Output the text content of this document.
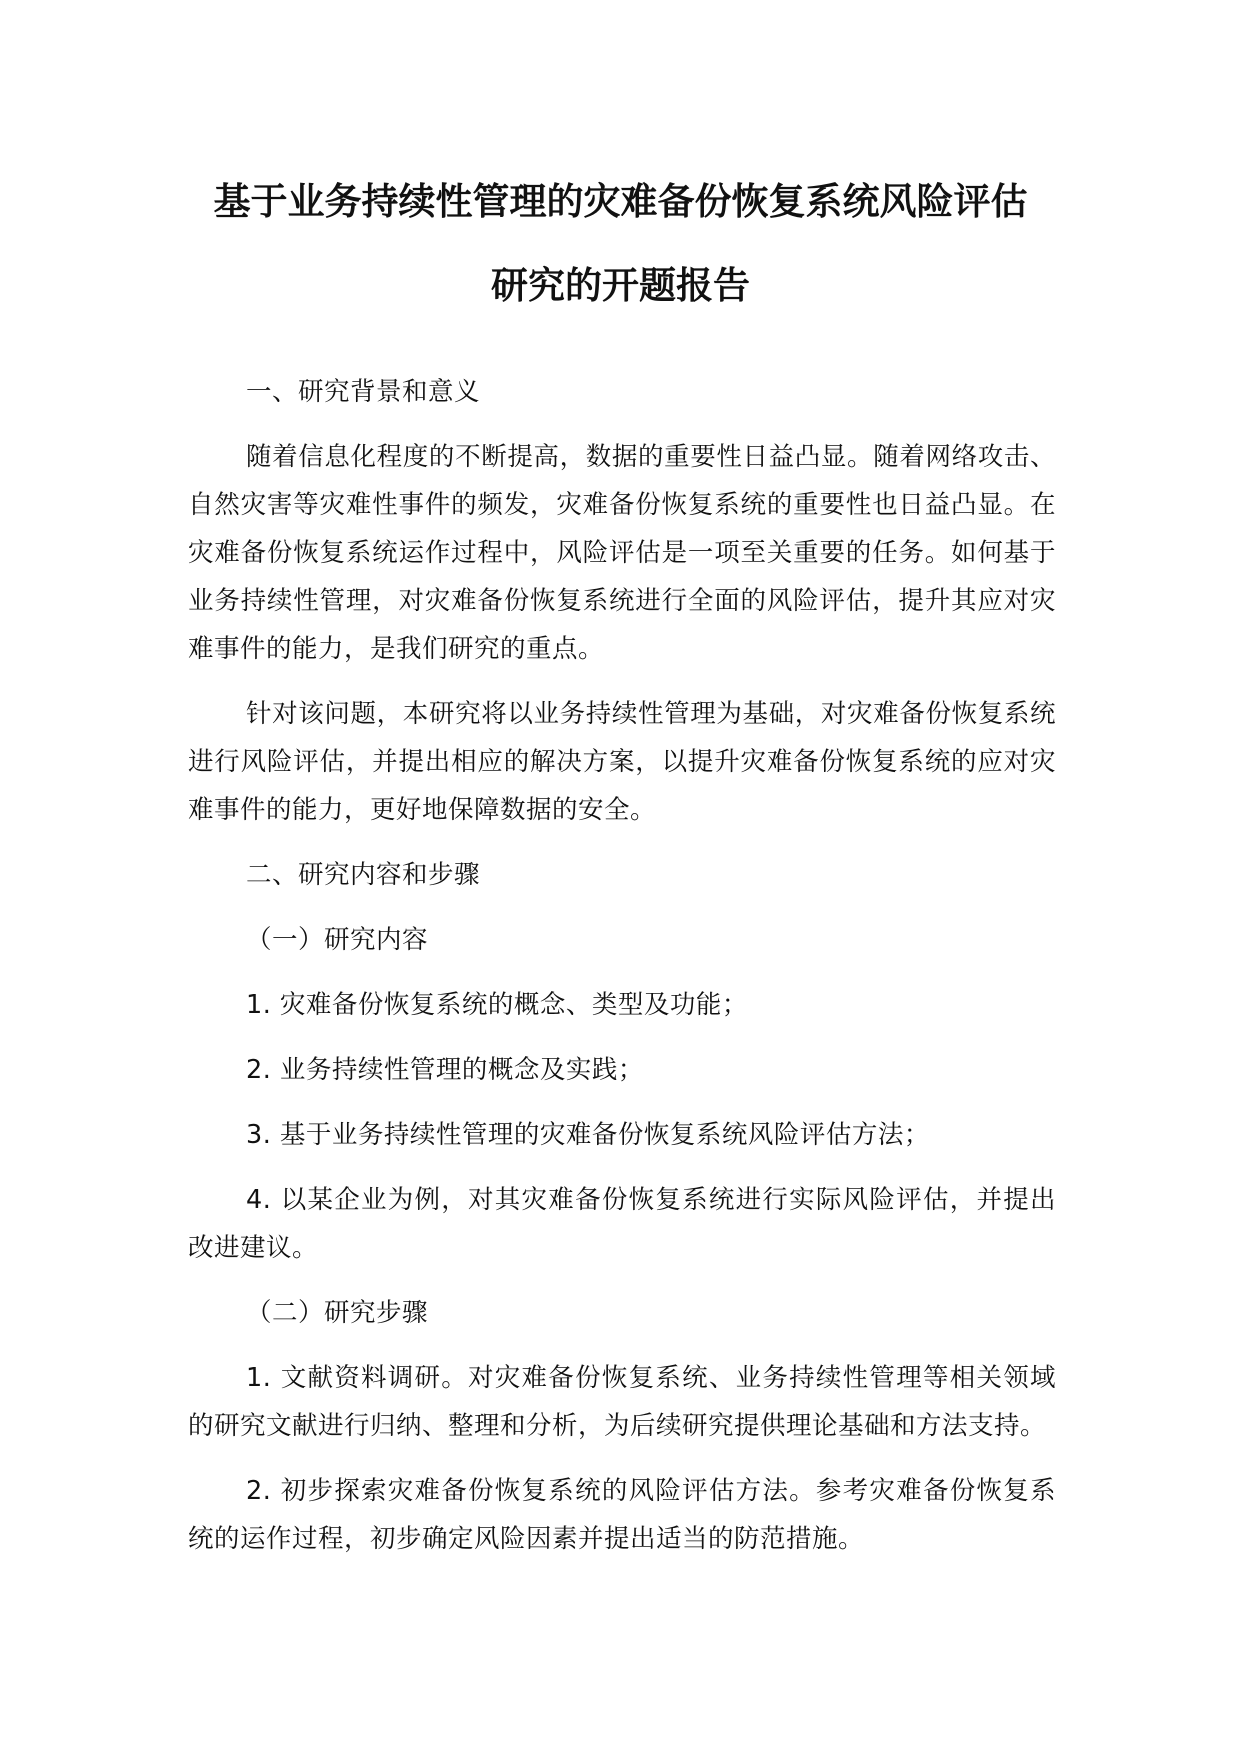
基于业务持续性管理的灾难备份恢复系统风险评估
研究的开题报告

一、研究背景和意义

随着信息化程度的不断提高，数据的重要性日益凸显。随着网络攻击、自然灾害等灾难性事件的频发，灾难备份恢复系统的重要性也日益凸显。在灾难备份恢复系统运作过程中，风险评估是一项至关重要的任务。如何基于业务持续性管理，对灾难备份恢复系统进行全面的风险评估，提升其应对灾难事件的能力，是我们研究的重点。

针对该问题，本研究将以业务持续性管理为基础，对灾难备份恢复系统进行风险评估，并提出相应的解决方案，以提升灾难备份恢复系统的应对灾难事件的能力，更好地保障数据的安全。

二、研究内容和步骤

（一）研究内容

1. 灾难备份恢复系统的概念、类型及功能；

2. 业务持续性管理的概念及实践；

3. 基于业务持续性管理的灾难备份恢复系统风险评估方法；

4. 以某企业为例，对其灾难备份恢复系统进行实际风险评估，并提出改进建议。

（二）研究步骤

1. 文献资料调研。对灾难备份恢复系统、业务持续性管理等相关领域的研究文献进行归纳、整理和分析，为后续研究提供理论基础和方法支持。

2. 初步探索灾难备份恢复系统的风险评估方法。参考灾难备份恢复系统的运作过程，初步确定风险因素并提出适当的防范措施。
